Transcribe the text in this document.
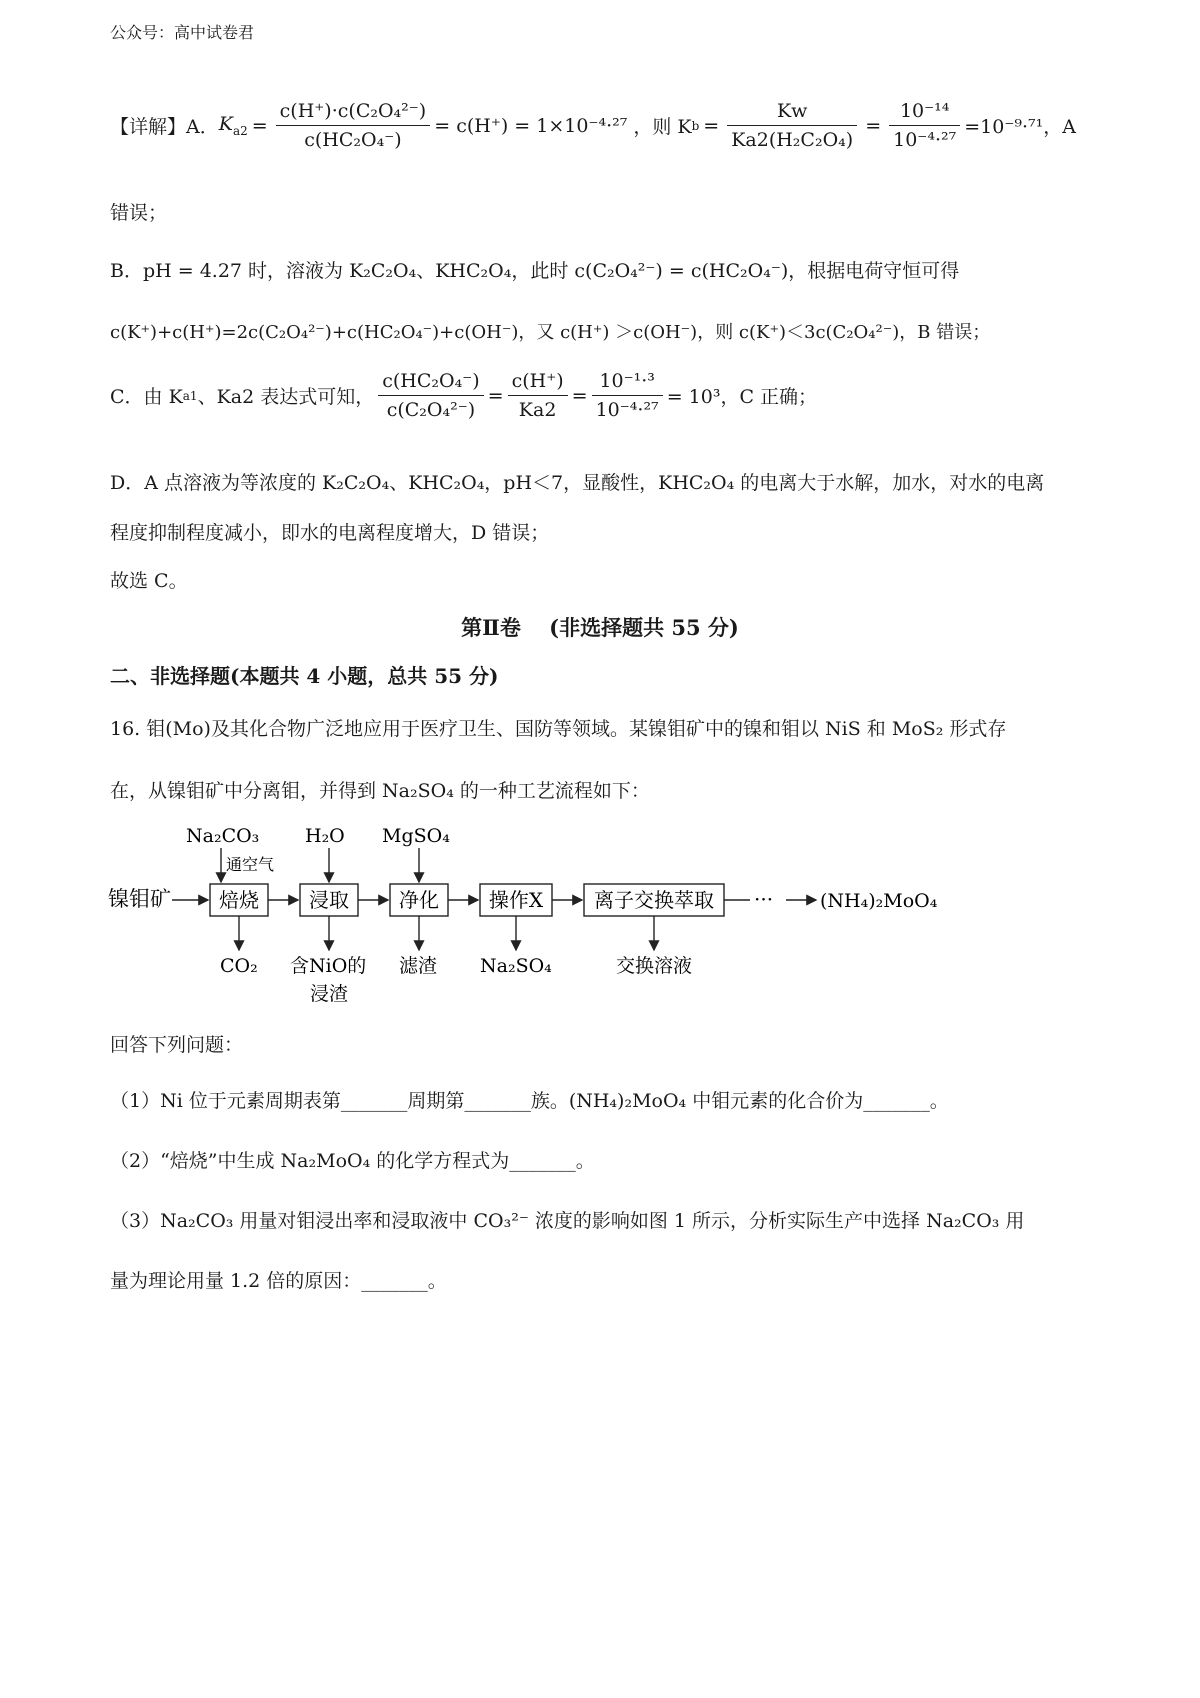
公众号：高中试卷君
【详解】A． $K_{a2} = \frac{\text{c(H⁺)·c(C₂O₄²⁻)}}{\text{c(HC₂O₄⁻)}} = c(H^+) = 1\times 10^{-4}\cdot^{27}$ ，则 K $b = \frac{Kw}{\text{Ka2(H₂C₂O₄)}} = \frac{\text{10⁻¹⁴}}{\text{10⁻⁴·²⁷}} =10^{-9}\cdot^{71}$，A
错误；
B．pH = 4.27 时，溶液为 K₂C₂O₄、KHC₂O₄，此时 c(C₂O₄²⁻) = c(HC₂O₄⁻)，根据电荷守恒可得
c(K⁺)+c(H⁺)=2c(C₂O₄²⁻)+c(HC₂O₄⁻)+c(OH⁻)，又 c(H⁺) ＞c(OH⁻)，则 c(K⁺)＜3c(C₂O₄²⁻)，B 错误；
C．由 K a1 、Ka2 表达式可知， $\frac{\text{c(HC₂O₄⁻)}}{\text{c(C₂O₄²⁻)}} = \frac{c(H^+)}{Ka2} = \frac{\text{10⁻¹·³}}{\text{10⁻⁴·²⁷}} = 10^3$，C 正确；
D．A 点溶液为等浓度的 K₂C₂O₄、KHC₂O₄，pH＜7，显酸性，KHC₂O₄ 的电离大于水解，加水，对水的电离
程度抑制程度减小，即水的电离程度增大，D 错误；
故选 C。
第Ⅱ卷　 (非选择题共 55 分)
二、非选择题(本题共 4 小题，总共 55 分)
16. 钼(Mo)及其化合物广泛地应用于医疗卫生、国防等领域。某镍钼矿中的镍和钼以 NiS 和 MoS₂ 形式存
在，从镍钼矿中分离钼，并得到 Na₂SO₄ 的一种工艺流程如下：
镍钼矿 焙烧	浸取	净化 操作X	离子交换萃取 ··· (NH₄)₂MoO₄
Na₂CO₃
通空气
H₂O MgSO₄
CO₂ 含NiO的
浸渣
滤渣 Na₂SO₄	交换溶液
回答下列问题：
（1）Ni 位于元素周期表第_______周期第_______族。(NH₄)₂MoO₄ 中钼元素的化合价为_______。
（2）“焙烧”中生成 Na₂MoO₄ 的化学方程式为_______。
（3）Na₂CO₃ 用量对钼浸出率和浸取液中 CO₃²⁻ 浓度的影响如图 1 所示，分析实际生产中选择 Na₂CO₃ 用
量为理论用量 1.2 倍的原因：_______。
